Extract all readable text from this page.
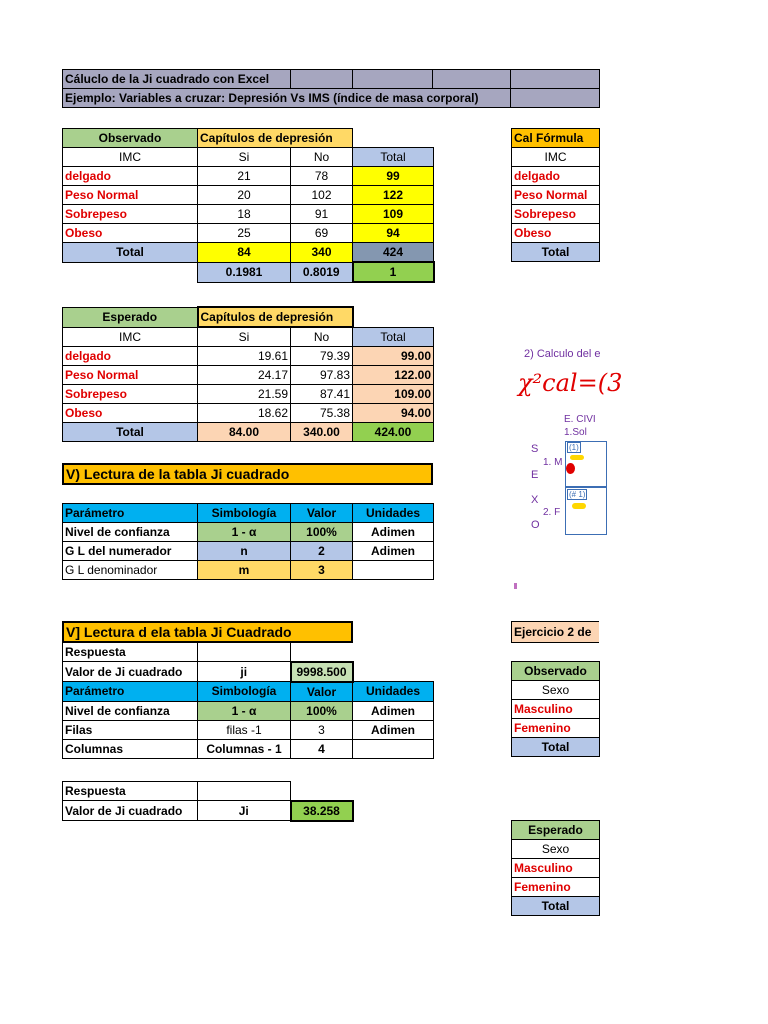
Cáluclo de la Ji cuadrado con Excel				
Ejemplo: Variables a cruzar: Depresión Vs IMS (índice de masa corporal)				
Observado	Capítulos de depresión		
IMC	Si	No	Total
delgado	21	78	99
Peso Normal	20	102	122
Sobrepeso	18	91	109
Obeso	25	69	94
Total	84	340	424
	0.1981	0.8019	1
Cal Fórmula
IMC
delgado
Peso Normal
Sobrepeso
Obeso
Total
Esperado	Capítulos de depresión		
IMC	Si	No	Total
delgado	19.61	79.39	99.00
Peso Normal	24.17	97.83	122.00
Sobrepeso	21.59	87.41	109.00
Obeso	18.62	75.38	94.00
Total	84.00	340.00	424.00
2) Calculo del e
χ²cal=(3
E. CIVI
1.Sol
S
E
X
O
1. M
2. F
(1)
(# 1)
V) Lectura de la tabla Ji cuadrado
Parámetro	Simbología	Valor	Unidades
Nivel de confianza	1 - α	100%	Adimen
G L del numerador	n	2	Adimen
G L denominador	m	3	
V] Lectura d ela tabla Ji Cuadrado	Ejercicio 2 de
Respuesta			
Valor de Ji cuadrado	ji	9998.500	
Parámetro	Simbología	Valor	Unidades
Nivel de confianza	1 - α	100%	Adimen
Filas	filas -1	3	Adimen
Columnas	Columnas - 1	4	
Observado
Sexo
Masculino
Femenino
Total
Respuesta		
Valor de Ji cuadrado	Ji	38.258
Esperado
Sexo
Masculino
Femenino
Total
